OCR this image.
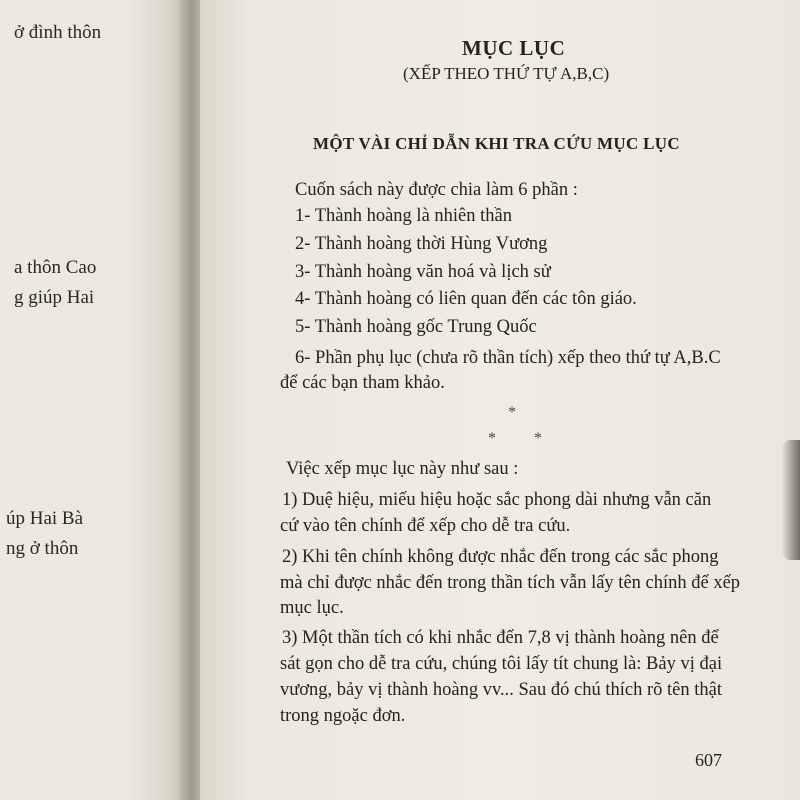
ở đình thôn
a thôn Cao
g giúp Hai
úp Hai Bà
ng ở thôn
MỤC LỤC
(XẾP THEO THỨ TỰ A,B,C)
MỘT VÀI CHỈ DẪN KHI TRA CỨU MỤC LỤC
Cuốn sách này được chia làm 6 phần :
1- Thành hoàng là nhiên thần
2- Thành hoàng thời Hùng Vương
3- Thành hoàng văn hoá và lịch sử
4- Thành hoàng có liên quan đến các tôn giáo.
5- Thành hoàng gốc Trung Quốc
6- Phần phụ lục (chưa rõ thần tích) xếp theo thứ tự A,B.C
để các bạn tham khảo.
*
* *
Việc xếp mục lục này như sau :
1) Duệ hiệu, miếu hiệu hoặc sắc phong dài nhưng vẫn căn
cứ vào tên chính để xếp cho dễ tra cứu.
2) Khi tên chính không được nhắc đến trong các sắc phong
mà chỉ được nhắc đến trong thần tích vẫn lấy tên chính để xếp
mục lục.
3) Một thần tích có khi nhắc đến 7,8 vị thành hoàng nên để
sát gọn cho dễ tra cứu, chúng tôi lấy tít chung là: Bảy vị đại
vương, bảy vị thành hoàng vv... Sau đó chú thích rõ tên thật
trong ngoặc đơn.
607
